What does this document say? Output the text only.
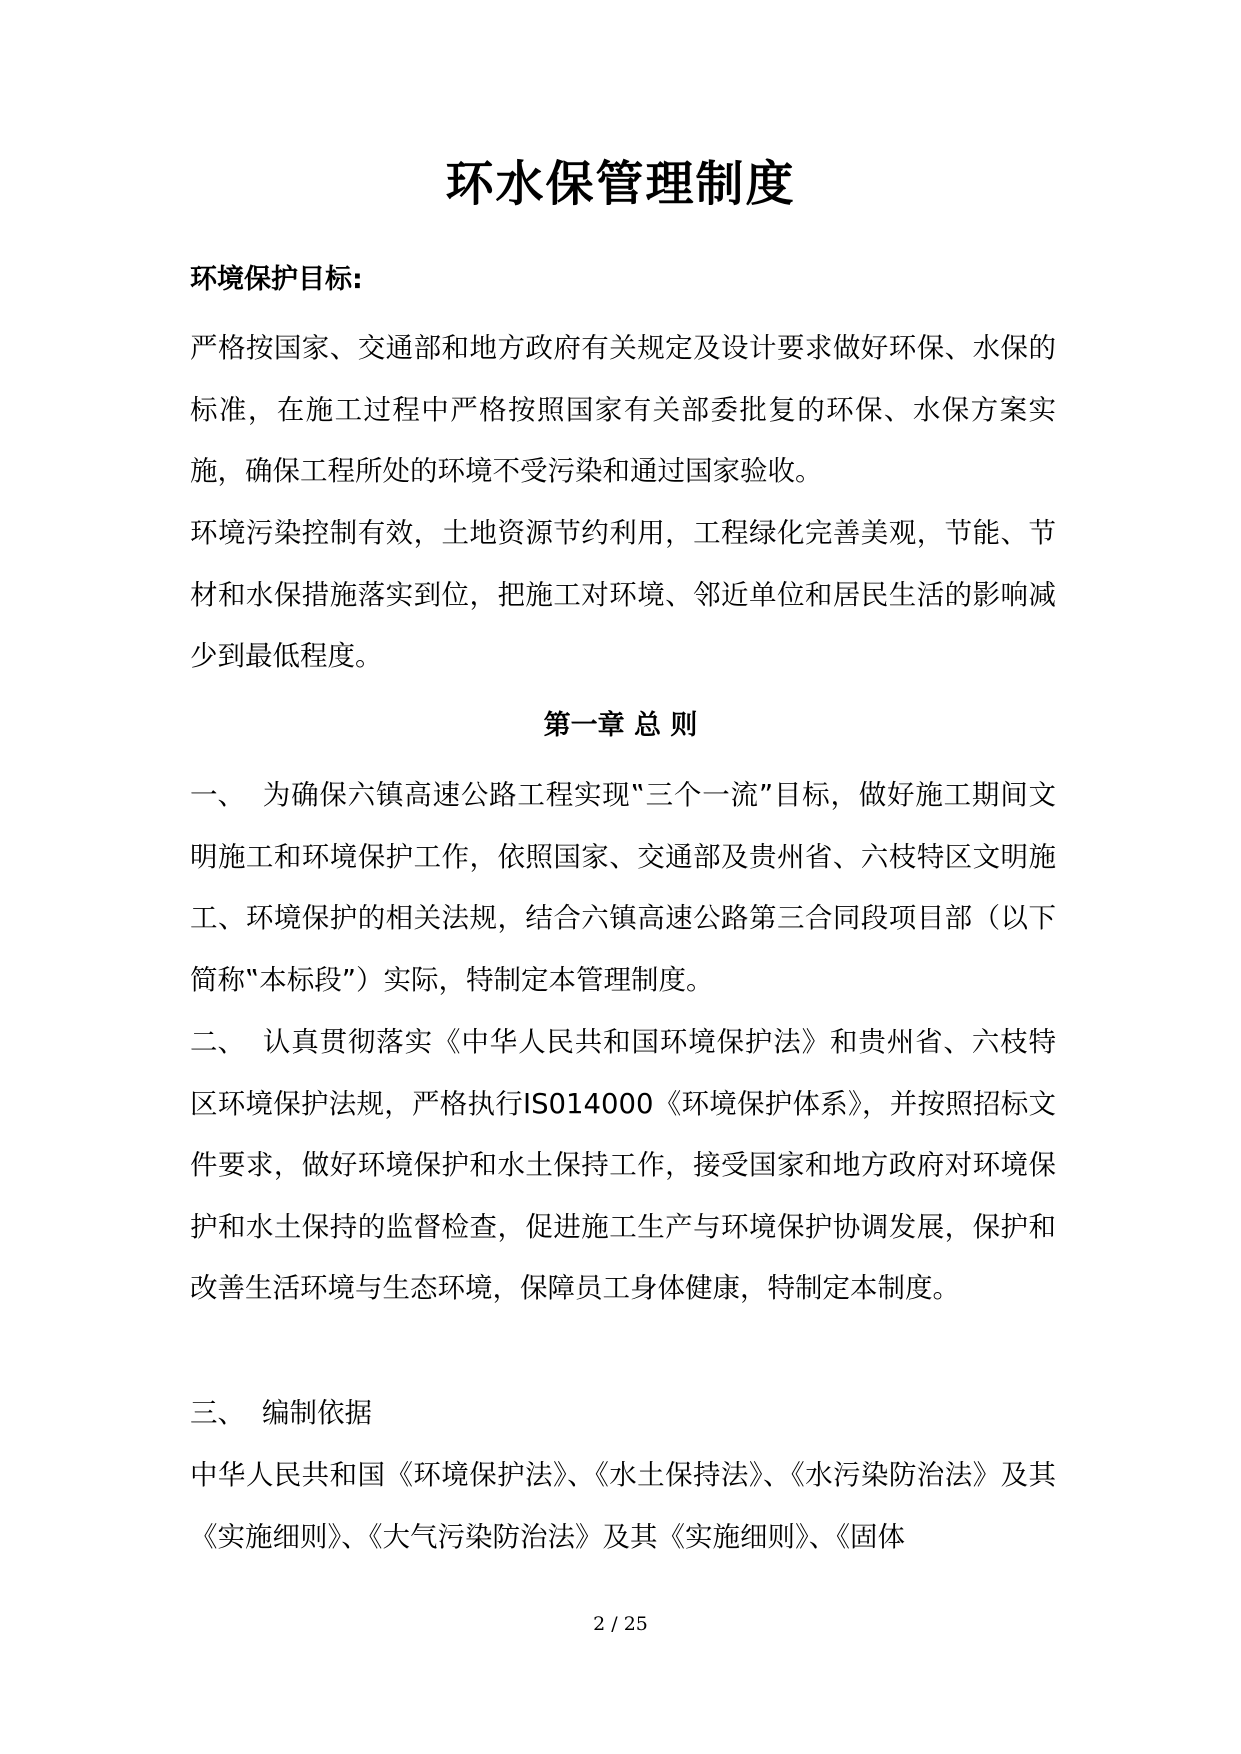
环水保管理制度
环境保护目标:
严格按国家、交通部和地方政府有关规定及设计要求做好环保、水保的标准，在施工过程中严格按照国家有关部委批复的环保、水保方案实施，确保工程所处的环境不受污染和通过国家验收。
环境污染控制有效，土地资源节约利用，工程绿化完善美观，节能、节材和水保措施落实到位，把施工对环境、邻近单位和居民生活的影响减少到最低程度。
第一章 总 则
一、 为确保六镇高速公路工程实现‟三个一流”目标，做好施工期间文明施工和环境保护工作，依照国家、交通部及贵州省、六枝特区文明施工、环境保护的相关法规，结合六镇高速公路第三合同段项目部（以下简称‟本标段”）实际，特制定本管理制度。
二、 认真贯彻落实《中华人民共和国环境保护法》和贵州省、六枝特区环境保护法规，严格执行IS014000《环境保护体系》，并按照招标文件要求，做好环境保护和水土保持工作，接受国家和地方政府对环境保护和水土保持的监督检查，促进施工生产与环境保护协调发展，保护和改善生活环境与生态环境，保障员工身体健康，特制定本制度。
三、 编制依据
中华人民共和国《环境保护法》、《水土保持法》、《水污染防治法》及其《实施细则》、《大气污染防治法》及其《实施细则》、《固体
2 / 25
